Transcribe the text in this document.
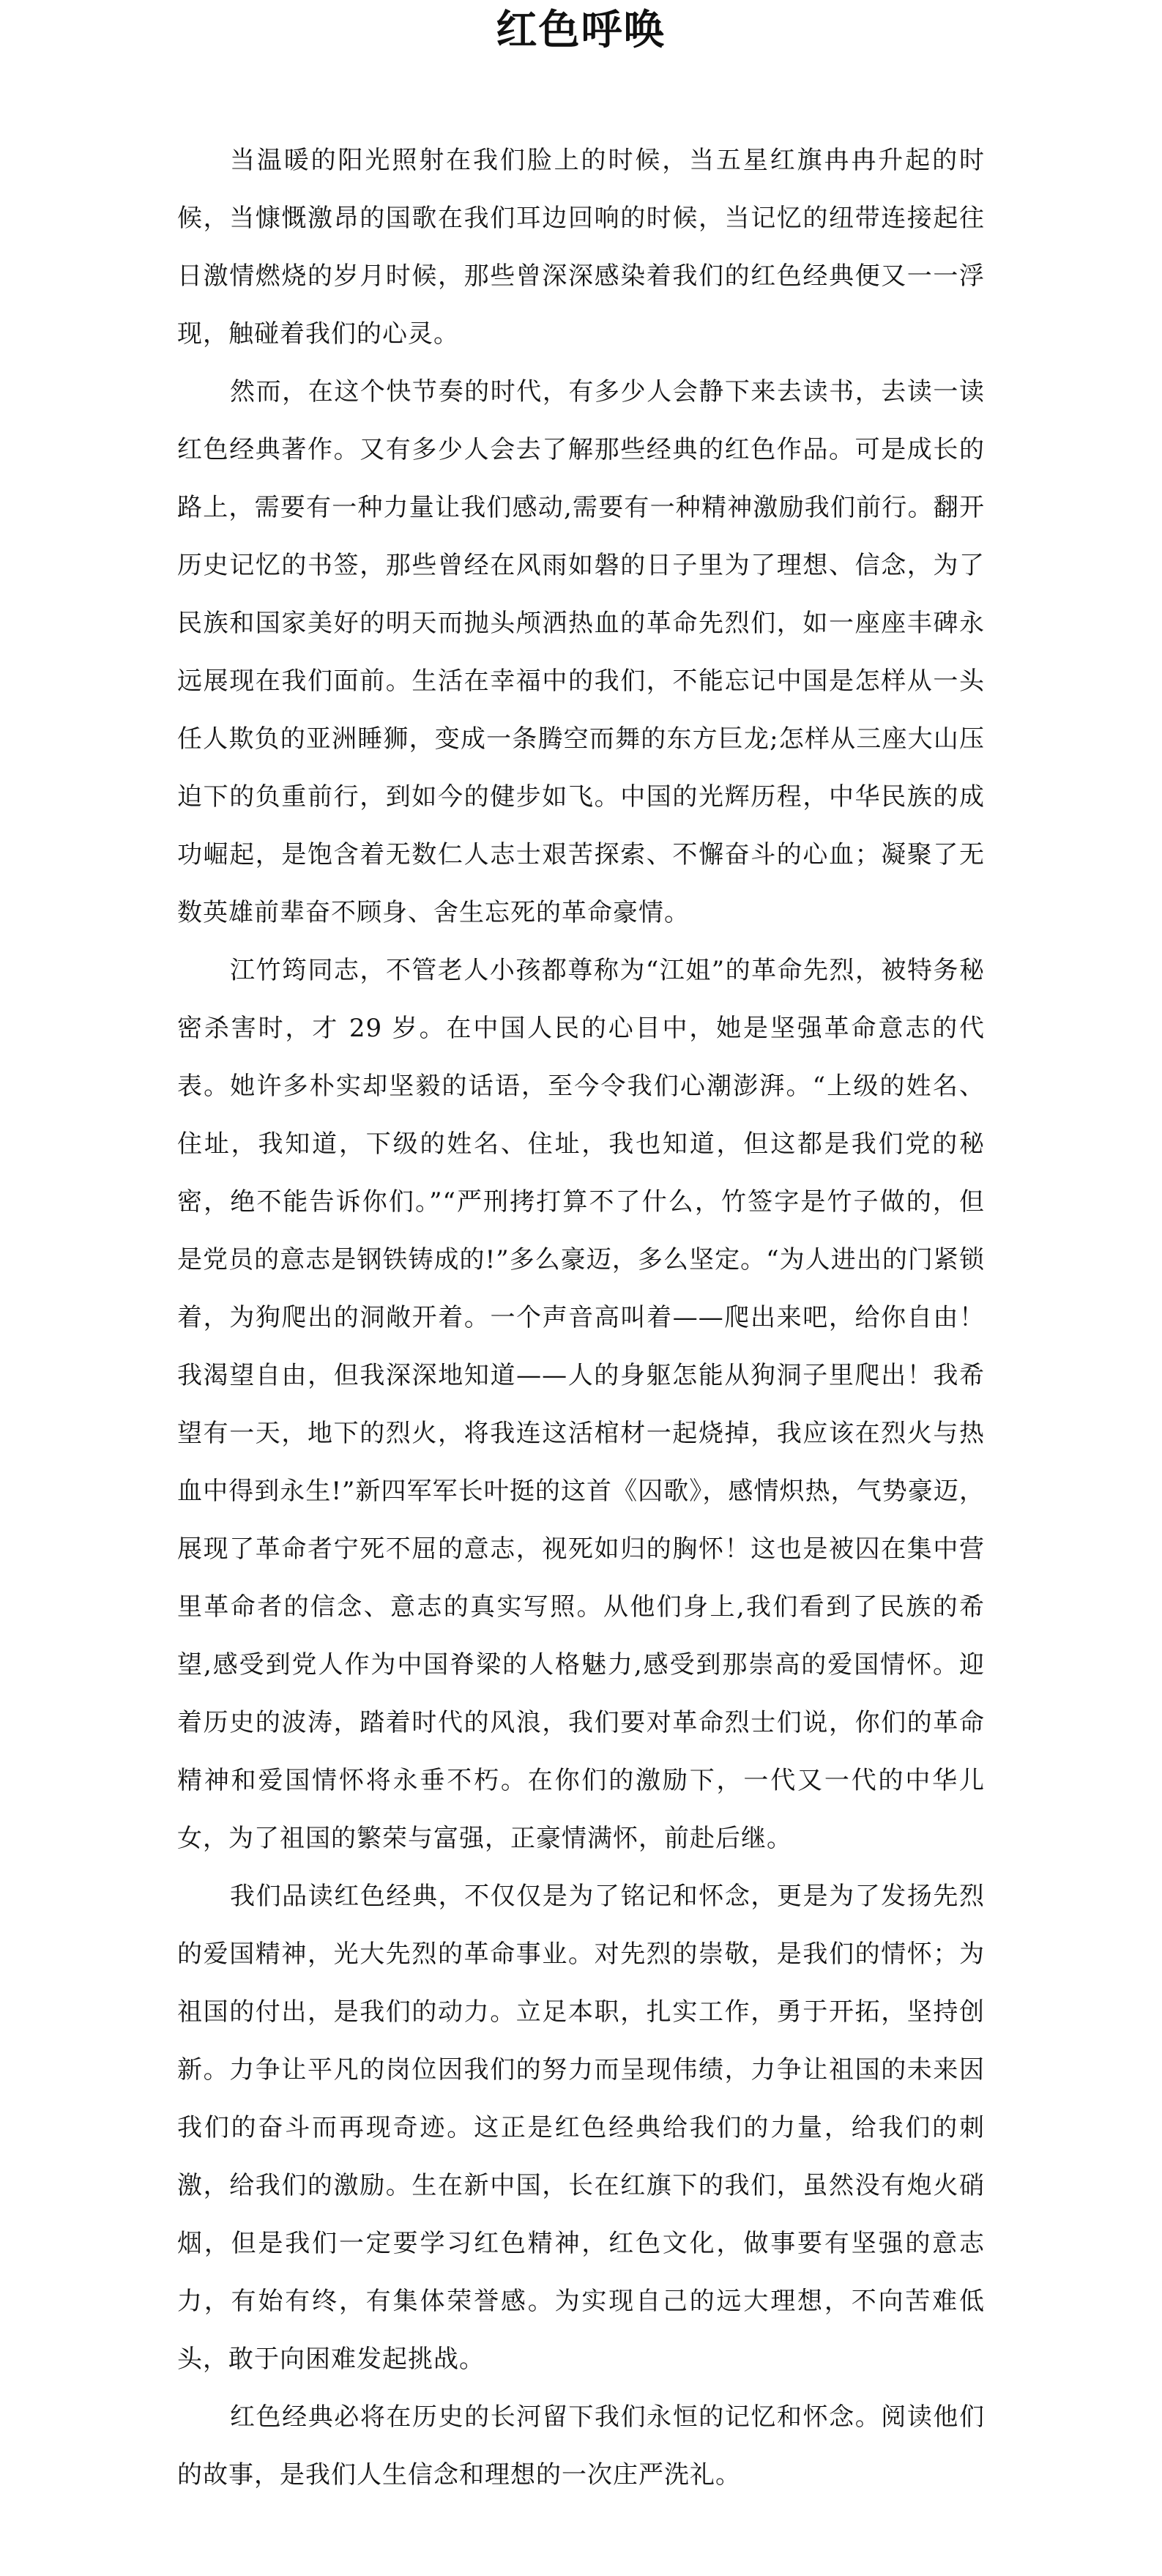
红色呼唤

当温暖的阳光照射在我们脸上的时候，当五星红旗冉冉升起的时候，当慷慨激昂的国歌在我们耳边回响的时候，当记忆的纽带连接起往日激情燃烧的岁月时候，那些曾深深感染着我们的红色经典便又一一浮现，触碰着我们的心灵。

然而，在这个快节奏的时代，有多少人会静下来去读书，去读一读红色经典著作。又有多少人会去了解那些经典的红色作品。可是成长的路上，需要有一种力量让我们感动,需要有一种精神激励我们前行。翻开历史记忆的书签，那些曾经在风雨如磐的日子里为了理想、信念，为了民族和国家美好的明天而抛头颅洒热血的革命先烈们，如一座座丰碑永远展现在我们面前。生活在幸福中的我们，不能忘记中国是怎样从一头任人欺负的亚洲睡狮，变成一条腾空而舞的东方巨龙;怎样从三座大山压迫下的负重前行，到如今的健步如飞。中国的光辉历程，中华民族的成功崛起，是饱含着无数仁人志士艰苦探索、不懈奋斗的心血；凝聚了无数英雄前辈奋不顾身、舍生忘死的革命豪情。

江竹筠同志，不管老人小孩都尊称为“江姐”的革命先烈，被特务秘密杀害时，才 29 岁。在中国人民的心目中，她是坚强革命意志的代表。她许多朴实却坚毅的话语，至今令我们心潮澎湃。“上级的姓名、住址，我知道，下级的姓名、住址，我也知道，但这都是我们党的秘密，绝不能告诉你们。”“严刑拷打算不了什么，竹签字是竹子做的，但是党员的意志是钢铁铸成的!”多么豪迈，多么坚定。“为人进出的门紧锁着，为狗爬出的洞敞开着。一个声音高叫着——爬出来吧，给你自由！我渴望自由，但我深深地知道——人的身躯怎能从狗洞子里爬出！我希望有一天，地下的烈火，将我连这活棺材一起烧掉，我应该在烈火与热血中得到永生!”新四军军长叶挺的这首《囚歌》，感情炽热，气势豪迈，展现了革命者宁死不屈的意志，视死如归的胸怀！这也是被囚在集中营里革命者的信念、意志的真实写照。从他们身上,我们看到了民族的希望,感受到党人作为中国脊梁的人格魅力,感受到那崇高的爱国情怀。迎着历史的波涛，踏着时代的风浪，我们要对革命烈士们说，你们的革命精神和爱国情怀将永垂不朽。在你们的激励下，一代又一代的中华儿女，为了祖国的繁荣与富强，正豪情满怀，前赴后继。

我们品读红色经典，不仅仅是为了铭记和怀念，更是为了发扬先烈的爱国精神，光大先烈的革命事业。对先烈的崇敬，是我们的情怀；为祖国的付出，是我们的动力。立足本职，扎实工作，勇于开拓，坚持创新。力争让平凡的岗位因我们的努力而呈现伟绩，力争让祖国的未来因我们的奋斗而再现奇迹。这正是红色经典给我们的力量，给我们的刺激，给我们的激励。生在新中国，长在红旗下的我们，虽然没有炮火硝烟，但是我们一定要学习红色精神，红色文化，做事要有坚强的意志力，有始有终，有集体荣誉感。为实现自己的远大理想，不向苦难低头，敢于向困难发起挑战。

红色经典必将在历史的长河留下我们永恒的记忆和怀念。阅读他们的故事，是我们人生信念和理想的一次庄严洗礼。
